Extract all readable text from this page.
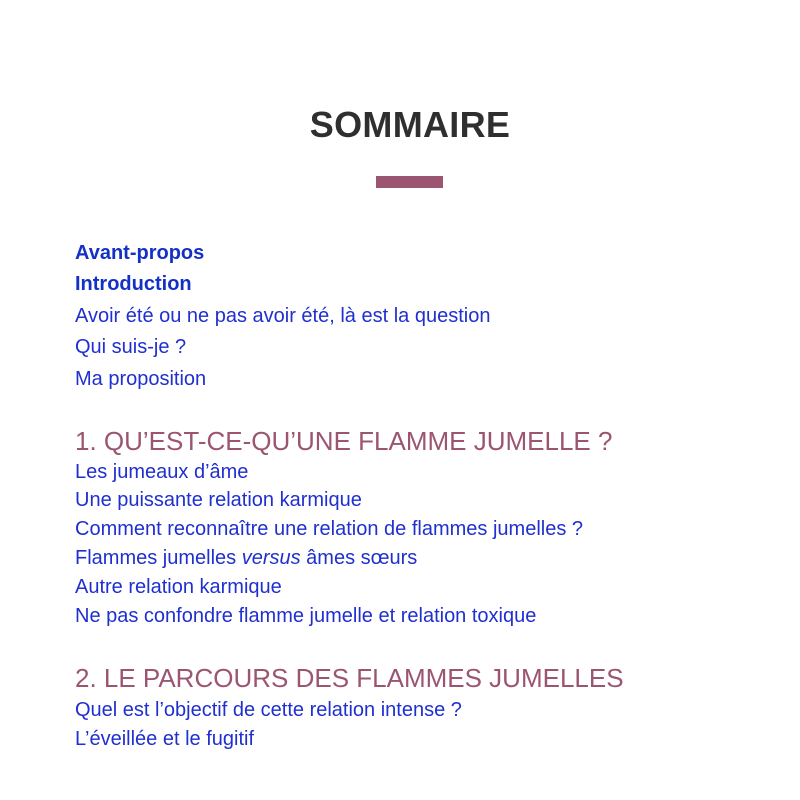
SOMMAIRE

Avant-propos

Introduction

Avoir été ou ne pas avoir été, là est la question

Qui suis-je ?

Ma proposition

1. QU’EST-CE-QU’UNE FLAMME JUMELLE ?

Les jumeaux d’âme

Une puissante relation karmique

Comment reconnaître une relation de flammes jumelles ?

Flammes jumelles versus âmes sœurs

Autre relation karmique

Ne pas confondre flamme jumelle et relation toxique

2. LE PARCOURS DES FLAMMES JUMELLES

Quel est l’objectif de cette relation intense ?

L’éveillée et le fugitif
